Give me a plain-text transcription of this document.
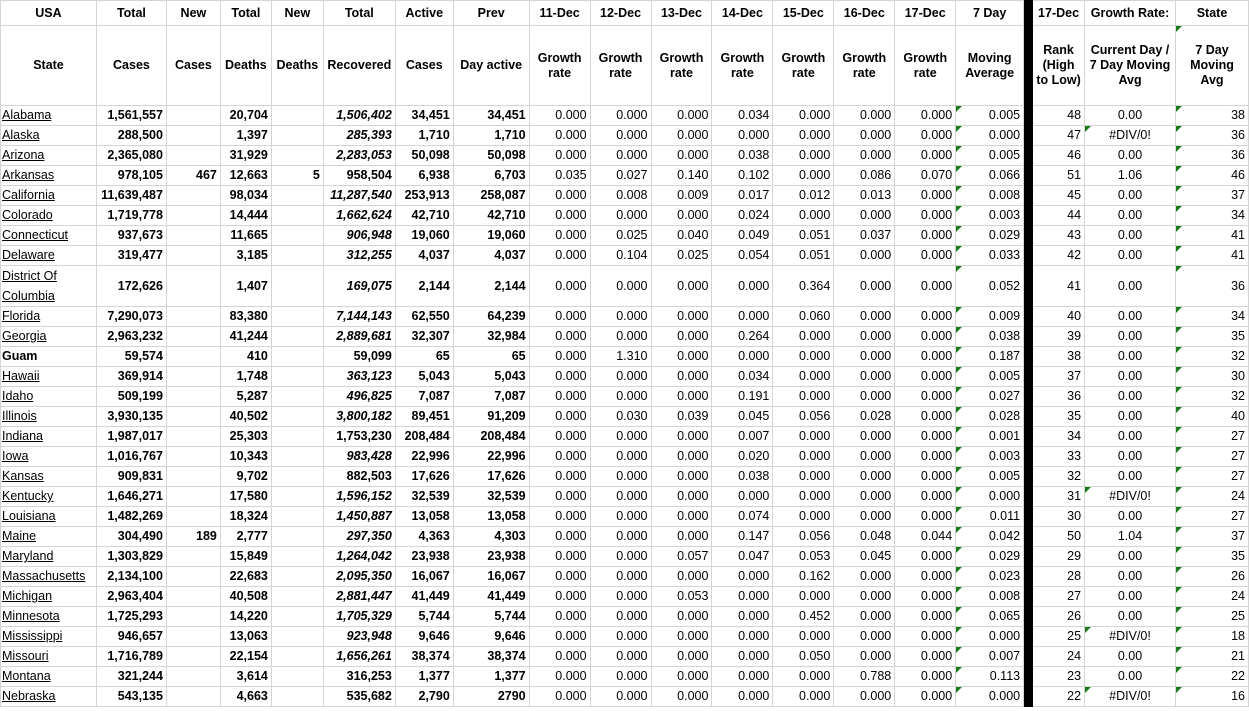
USA	Total	New	Total	New	Total	Active	Prev	11-Dec	12-Dec	13-Dec	14-Dec	15-Dec	16-Dec	17-Dec	7 Day		17-Dec	Growth Rate:	State
State	Cases	Cases	Deaths	Deaths	Recovered	Cases	Day active	Growth rate	Growth rate	Growth rate	Growth rate	Growth rate	Growth rate	Growth rate	Moving Average		Rank (High to Low)	Current Day / 7 Day Moving Avg	7 Day Moving Avg
Alabama	1,561,557		20,704		1,506,402	34,451	34,451	0.000	0.000	0.000	0.034	0.000	0.000	0.000	0.005		48	0.00	38
Alaska	288,500		1,397		285,393	1,710	1,710	0.000	0.000	0.000	0.000	0.000	0.000	0.000	0.000		47	#DIV/0!	36
Arizona	2,365,080		31,929		2,283,053	50,098	50,098	0.000	0.000	0.000	0.038	0.000	0.000	0.000	0.005		46	0.00	36
Arkansas	978,105	467	12,663	5	958,504	6,938	6,703	0.035	0.027	0.140	0.102	0.000	0.086	0.070	0.066		51	1.06	46
California	11,639,487		98,034		11,287,540	253,913	258,087	0.000	0.008	0.009	0.017	0.012	0.013	0.000	0.008		45	0.00	37
Colorado	1,719,778		14,444		1,662,624	42,710	42,710	0.000	0.000	0.000	0.024	0.000	0.000	0.000	0.003		44	0.00	34
Connecticut	937,673		11,665		906,948	19,060	19,060	0.000	0.025	0.040	0.049	0.051	0.037	0.000	0.029		43	0.00	41
Delaware	319,477		3,185		312,255	4,037	4,037	0.000	0.104	0.025	0.054	0.051	0.000	0.000	0.033		42	0.00	41
District Of Columbia	172,626		1,407		169,075	2,144	2,144	0.000	0.000	0.000	0.000	0.364	0.000	0.000	0.052		41	0.00	36
Florida	7,290,073		83,380		7,144,143	62,550	64,239	0.000	0.000	0.000	0.000	0.060	0.000	0.000	0.009		40	0.00	34
Georgia	2,963,232		41,244		2,889,681	32,307	32,984	0.000	0.000	0.000	0.264	0.000	0.000	0.000	0.038		39	0.00	35
Guam	59,574		410		59,099	65	65	0.000	1.310	0.000	0.000	0.000	0.000	0.000	0.187		38	0.00	32
Hawaii	369,914		1,748		363,123	5,043	5,043	0.000	0.000	0.000	0.034	0.000	0.000	0.000	0.005		37	0.00	30
Idaho	509,199		5,287		496,825	7,087	7,087	0.000	0.000	0.000	0.191	0.000	0.000	0.000	0.027		36	0.00	32
Illinois	3,930,135		40,502		3,800,182	89,451	91,209	0.000	0.030	0.039	0.045	0.056	0.028	0.000	0.028		35	0.00	40
Indiana	1,987,017		25,303		1,753,230	208,484	208,484	0.000	0.000	0.000	0.007	0.000	0.000	0.000	0.001		34	0.00	27
Iowa	1,016,767		10,343		983,428	22,996	22,996	0.000	0.000	0.000	0.020	0.000	0.000	0.000	0.003		33	0.00	27
Kansas	909,831		9,702		882,503	17,626	17,626	0.000	0.000	0.000	0.038	0.000	0.000	0.000	0.005		32	0.00	27
Kentucky	1,646,271		17,580		1,596,152	32,539	32,539	0.000	0.000	0.000	0.000	0.000	0.000	0.000	0.000		31	#DIV/0!	24
Louisiana	1,482,269		18,324		1,450,887	13,058	13,058	0.000	0.000	0.000	0.074	0.000	0.000	0.000	0.011		30	0.00	27
Maine	304,490	189	2,777		297,350	4,363	4,303	0.000	0.000	0.000	0.147	0.056	0.048	0.044	0.042		50	1.04	37
Maryland	1,303,829		15,849		1,264,042	23,938	23,938	0.000	0.000	0.057	0.047	0.053	0.045	0.000	0.029		29	0.00	35
Massachusetts	2,134,100		22,683		2,095,350	16,067	16,067	0.000	0.000	0.000	0.000	0.162	0.000	0.000	0.023		28	0.00	26
Michigan	2,963,404		40,508		2,881,447	41,449	41,449	0.000	0.000	0.053	0.000	0.000	0.000	0.000	0.008		27	0.00	24
Minnesota	1,725,293		14,220		1,705,329	5,744	5,744	0.000	0.000	0.000	0.000	0.452	0.000	0.000	0.065		26	0.00	25
Mississippi	946,657		13,063		923,948	9,646	9,646	0.000	0.000	0.000	0.000	0.000	0.000	0.000	0.000		25	#DIV/0!	18
Missouri	1,716,789		22,154		1,656,261	38,374	38,374	0.000	0.000	0.000	0.000	0.050	0.000	0.000	0.007		24	0.00	21
Montana	321,244		3,614		316,253	1,377	1,377	0.000	0.000	0.000	0.000	0.000	0.788	0.000	0.113		23	0.00	22
Nebraska	543,135		4,663		535,682	2,790	2790	0.000	0.000	0.000	0.000	0.000	0.000	0.000	0.000		22	#DIV/0!	16
